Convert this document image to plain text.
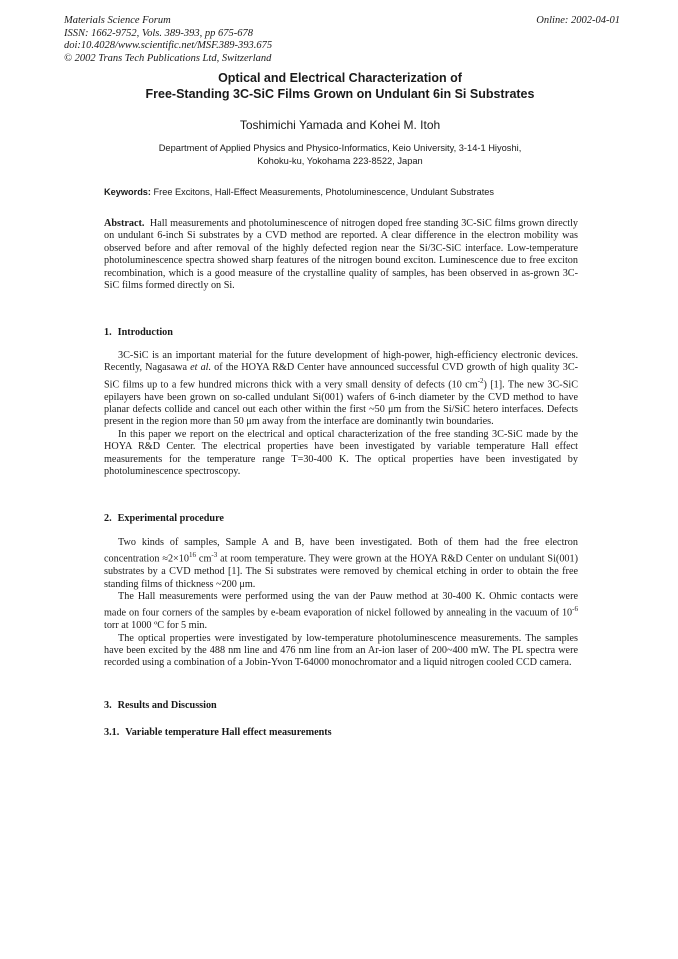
Materials Science Forum
ISSN: 1662-9752, Vols. 389-393, pp 675-678
doi:10.4028/www.scientific.net/MSF.389-393.675
© 2002 Trans Tech Publications Ltd, Switzerland
Online: 2002-04-01
Optical and Electrical Characterization of
Free-Standing 3C-SiC Films Grown on Undulant 6in Si Substrates
Toshimichi Yamada and Kohei M. Itoh
Department of Applied Physics and Physico-Informatics, Keio University, 3-14-1 Hiyoshi,
Kohoku-ku, Yokohama 223-8522, Japan
Keywords: Free Excitons, Hall-Effect Measurements, Photoluminescence, Undulant Substrates

Abstract. Hall measurements and photoluminescence of nitrogen doped free standing 3C-SiC films grown directly on undulant 6-inch Si substrates by a CVD method are reported. A clear difference in the electron mobility was observed before and after removal of the highly defected region near the Si/3C-SiC interface. Low-temperature photoluminescence spectra showed sharp features of the nitrogen bound exciton. Luminescence due to free exciton recombination, which is a good measure of the crystalline quality of samples, has been observed in as-grown 3C-SiC films formed directly on Si.

1. Introduction

3C-SiC is an important material for the future development of high-power, high-efficiency electronic devices. Recently, Nagasawa et al. of the HOYA R&D Center have announced successful CVD growth of high quality 3C-SiC films up to a few hundred microns thick with a very small density of defects (10 $cm^{-2}$) [1]. The new 3C-SiC epilayers have been grown on so-called undulant Si(001) wafers of 6-inch diameter by the CVD method to have planar defects collide and cancel out each other within the first ~50 μm from the Si/SiC hetero interfaces. Defects present in the region more than 50 μm away from the interface are dominantly twin boundaries.

In this paper we report on the electrical and optical characterization of the free standing 3C-SiC made by the HOYA R&D Center. The electrical properties have been investigated by variable temperature Hall effect measurements for the temperature range T=30-400 K. The optical properties have been investigated by photoluminescence spectroscopy.

2. Experimental procedure

Two kinds of samples, Sample A and B, have been investigated. Both of them had the free electron concentration $\approx 2\times 10^{16}$ $cm^{-3}$ at room temperature. They were grown at the HOYA R&D Center on undulant Si(001) substrates by a CVD method [1]. The Si substrates were removed by chemical etching in order to obtain the free standing films of thickness ~200 μm.

The Hall measurements were performed using the van der Pauw method at 30-400 K. Ohmic contacts were made on four corners of the samples by e-beam evaporation of nickel followed by annealing in the vacuum of $10^{-6}$ torr at 1000 ºC for 5 min.

The optical properties were investigated by low-temperature photoluminescence measurements. The samples have been excited by the 488 nm line and 476 nm line from an Ar-ion laser of 200~400 mW. The PL spectra were recorded using a combination of a Jobin-Yvon T-64000 monochromator and a liquid nitrogen cooled CCD camera.

3. Results and Discussion
3.1. Variable temperature Hall effect measurements
